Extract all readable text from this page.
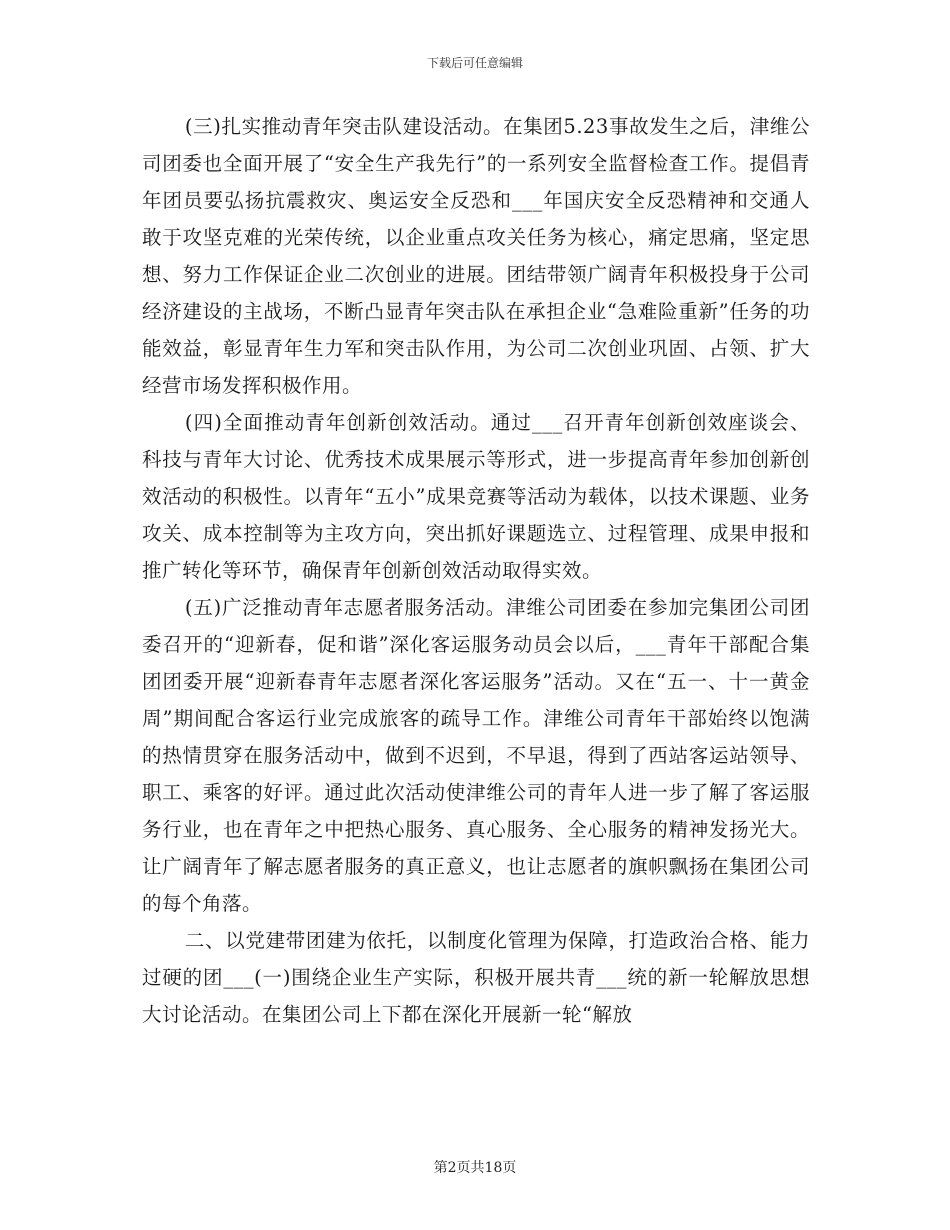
下载后可任意编辑

(三)扎实推动青年突击队建设活动。在集团5.23事故发生之后，津维公司团委也全面开展了“安全生产我先行”的一系列安全监督检查工作。提倡青年团员要弘扬抗震救灾、奥运安全反恐和___年国庆安全反恐精神和交通人敢于攻坚克难的光荣传统，以企业重点攻关任务为核心，痛定思痛，坚定思想、努力工作保证企业二次创业的进展。团结带领广阔青年积极投身于公司经济建设的主战场，不断凸显青年突击队在承担企业“急难险重新”任务的功能效益，彰显青年生力军和突击队作用，为公司二次创业巩固、占领、扩大经营市场发挥积极作用。

(四)全面推动青年创新创效活动。通过___召开青年创新创效座谈会、科技与青年大讨论、优秀技术成果展示等形式，进一步提高青年参加创新创效活动的积极性。以青年“五小”成果竞赛等活动为载体，以技术课题、业务攻关、成本控制等为主攻方向，突出抓好课题选立、过程管理、成果申报和推广转化等环节，确保青年创新创效活动取得实效。

(五)广泛推动青年志愿者服务活动。津维公司团委在参加完集团公司团委召开的“迎新春，促和谐”深化客运服务动员会以后，___青年干部配合集团团委开展“迎新春青年志愿者深化客运服务”活动。又在“五一、十一黄金周”期间配合客运行业完成旅客的疏导工作。津维公司青年干部始终以饱满的热情贯穿在服务活动中，做到不迟到，不早退，得到了西站客运站领导、职工、乘客的好评。通过此次活动使津维公司的青年人进一步了解了客运服务行业，也在青年之中把热心服务、真心服务、全心服务的精神发扬光大。让广阔青年了解志愿者服务的真正意义，也让志愿者的旗帜飘扬在集团公司的每个角落。

二、以党建带团建为依托，以制度化管理为保障，打造政治合格、能力过硬的团___(一)围绕企业生产实际，积极开展共青___统的新一轮解放思想大讨论活动。在集团公司上下都在深化开展新一轮“解放

第2页共18页
